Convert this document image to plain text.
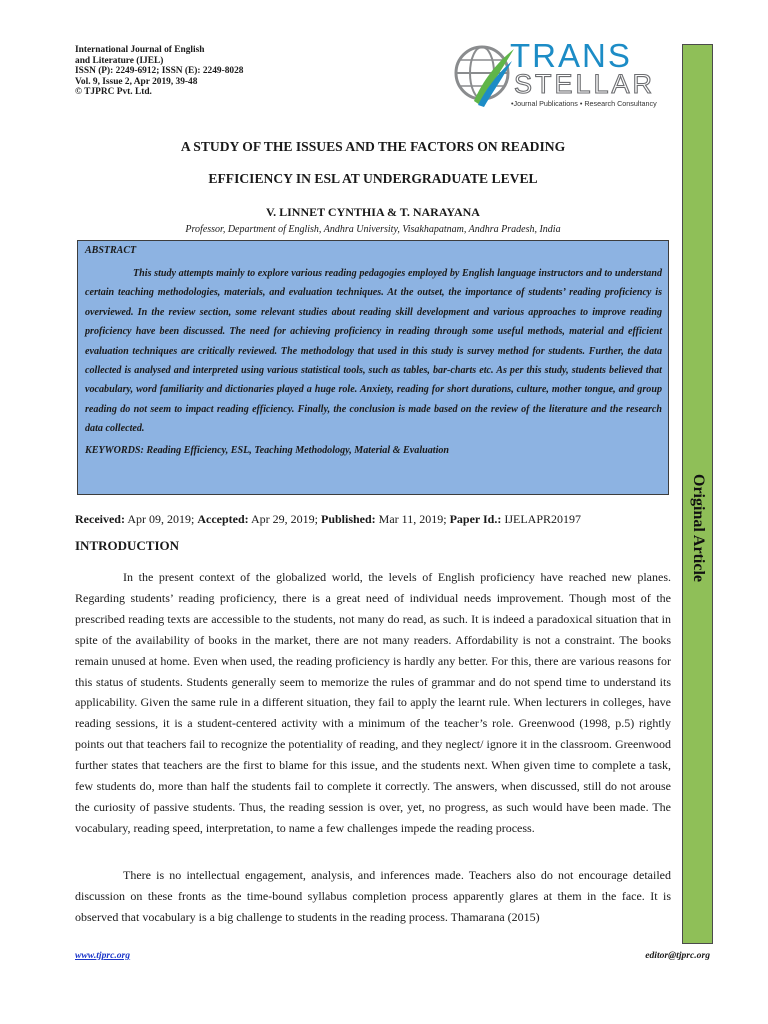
International Journal of English
and Literature (IJEL)
ISSN (P): 2249-6912; ISSN (E): 2249-8028
Vol. 9, Issue 2, Apr 2019, 39-48
© TJPRC Pvt. Ltd.
TRANS
STELLAR
•Journal Publications • Research Consultancy
Original Article
A STUDY OF THE ISSUES AND THE FACTORS ON READING
EFFICIENCY IN ESL AT UNDERGRADUATE LEVEL
V. LINNET CYNTHIA & T. NARAYANA
Professor, Department of English, Andhra University, Visakhapatnam, Andhra Pradesh, India
ABSTRACT
This study attempts mainly to explore various reading pedagogies employed by English language instructors and to understand certain teaching methodologies, materials, and evaluation techniques. At the outset, the importance of students’ reading proficiency is overviewed. In the review section, some relevant studies about reading skill development and various approaches to improve reading proficiency have been discussed. The need for achieving proficiency in reading through some useful methods, material and efficient evaluation techniques are critically reviewed. The methodology that used in this study is survey method for students. Further, the data collected is analysed and interpreted using various statistical tools, such as tables, bar-charts etc. As per this study, students believed that vocabulary, word familiarity and dictionaries played a huge role. Anxiety, reading for short durations, culture, mother tongue, and group reading do not seem to impact reading efficiency. Finally, the conclusion is made based on the review of the literature and the research data collected.
KEYWORDS: Reading Efficiency, ESL, Teaching Methodology, Material & Evaluation
Received: Apr 09, 2019; Accepted: Apr 29, 2019; Published: Mar 11, 2019; Paper Id.: IJELAPR20197
INTRODUCTION

In the present context of the globalized world, the levels of English proficiency have reached new planes. Regarding students’ reading proficiency, there is a great need of individual needs improvement. Though most of the prescribed reading texts are accessible to the students, not many do read, as such. It is indeed a paradoxical situation that in spite of the availability of books in the market, there are not many readers. Affordability is not a constraint. The books remain unused at home. Even when used, the reading proficiency is hardly any better. For this, there are various reasons for this status of students. Students generally seem to memorize the rules of grammar and do not spend time to understand its applicability. Given the same rule in a different situation, they fail to apply the learnt rule. When lecturers in colleges, have reading sessions, it is a student-centered activity with a minimum of the teacher’s role. Greenwood (1998, p.5) rightly points out that teachers fail to recognize the potentiality of reading, and they neglect/ ignore it in the classroom. Greenwood further states that teachers are the first to blame for this issue, and the students next. When given time to complete a task, few students do, more than half the students fail to complete it correctly. The answers, when discussed, still do not arouse the curiosity of passive students. Thus, the reading session is over, yet, no progress, as such would have been made. The vocabulary, reading speed, interpretation, to name a few challenges impede the reading process.

There is no intellectual engagement, analysis, and inferences made. Teachers also do not encourage detailed discussion on these fronts as the time-bound syllabus completion process apparently glares at them in the face. It is observed that vocabulary is a big challenge to students in the reading process. Thamarana (2015)

www.tjprc.org	editor@tjprc.org
